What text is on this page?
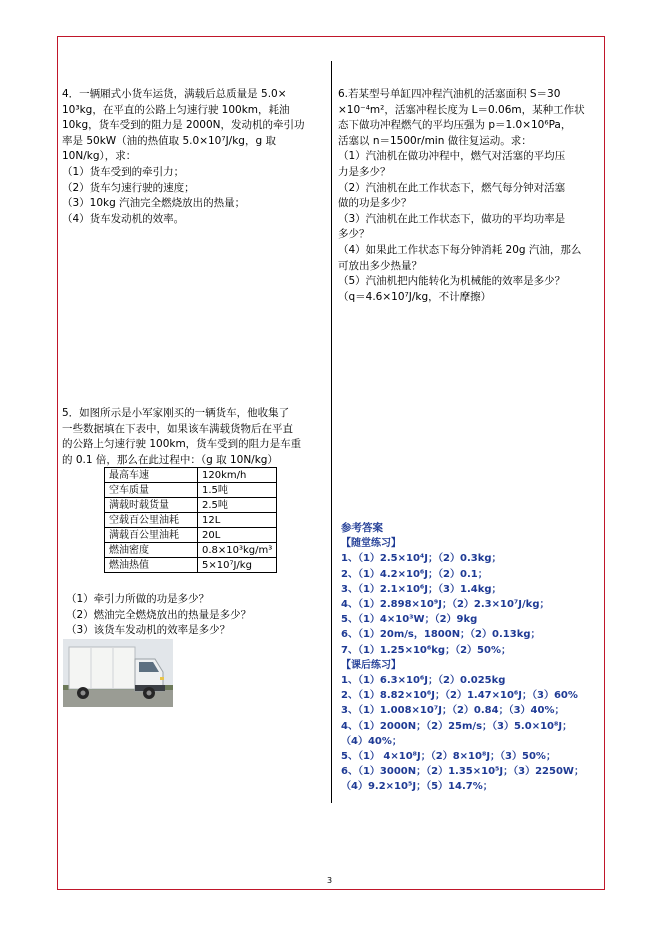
4．一辆厢式小货车运货，满载后总质量是 5.0×

10³kg，在平直的公路上匀速行驶 100km，耗油

10kg，货车受到的阻力是 2000N，发动机的牵引功

率是 50kW（油的热值取 5.0×10⁷J/kg，g 取

10N/kg），求：

（1）货车受到的牵引力；

（2）货车匀速行驶的速度；

（3）10kg 汽油完全燃烧放出的热量；

（4）货车发动机的效率。

5．如图所示是小军家刚买的一辆货车，他收集了

一些数据填在下表中，如果该车满载货物后在平直

的公路上匀速行驶 100km，货车受到的阻力是车重

的 0.1 倍，那么在此过程中：（g 取 10N/kg）

最高车速	120km/h
空车质量	1.5吨
满载时载货量	2.5吨
空载百公里油耗	12L
满载百公里油耗	20L
燃油密度	0.8×10³kg/m³
燃油热值	5×10⁷J/kg

（1）牵引力所做的功是多少？

（2）燃油完全燃烧放出的热量是多少？

（3）该货车发动机的效率是多少？

6.若某型号单缸四冲程汽油机的活塞面积 S＝30

×10⁻⁴m²，活塞冲程长度为 L＝0.06m，某种工作状

态下做功冲程燃气的平均压强为 p＝1.0×10⁶Pa，

活塞以 n＝1500r/min 做往复运动。求：

（1）汽油机在做功冲程中，燃气对活塞的平均压

力是多少？

（2）汽油机在此工作状态下，燃气每分钟对活塞

做的功是多少？

（3）汽油机在此工作状态下，做功的平均功率是

多少？

（4）如果此工作状态下每分钟消耗 20g 汽油，那么

可放出多少热量？

（5）汽油机把内能转化为机械能的效率是多少？

（q＝4.6×10⁷J/kg，不计摩擦）

参考答案

【随堂练习】

1、（1）2.5×10⁴J；（2）0.3kg；

2、（1）4.2×10⁶J；（2）0.1；

3、（1）2.1×10⁶J；（3）1.4kg；

4、（1）2.898×10⁹J；（2）2.3×10⁷J/kg；

5、（1）4×10³W；（2）9kg

6、（1）20m/s，1800N；（2）0.13kg；

7、（1）1.25×10⁶kg；（2）50%；

【课后练习】

1、（1）6.3×10⁶J；（2）0.025kg

2、（1）8.82×10⁶J；（2）1.47×10⁶J；（3）60%

3、（1）1.008×10⁷J；（2）0.84；（3）40%；

4、（1）2000N；（2）25m/s；（3）5.0×10⁸J；

（4）40%；

5、（1） 4×10⁸J；（2）8×10⁸J；（3）50%；

6、（1）3000N；（2）1.35×10⁵J；（3）2250W；

（4）9.2×10⁵J；（5）14.7%；

3
